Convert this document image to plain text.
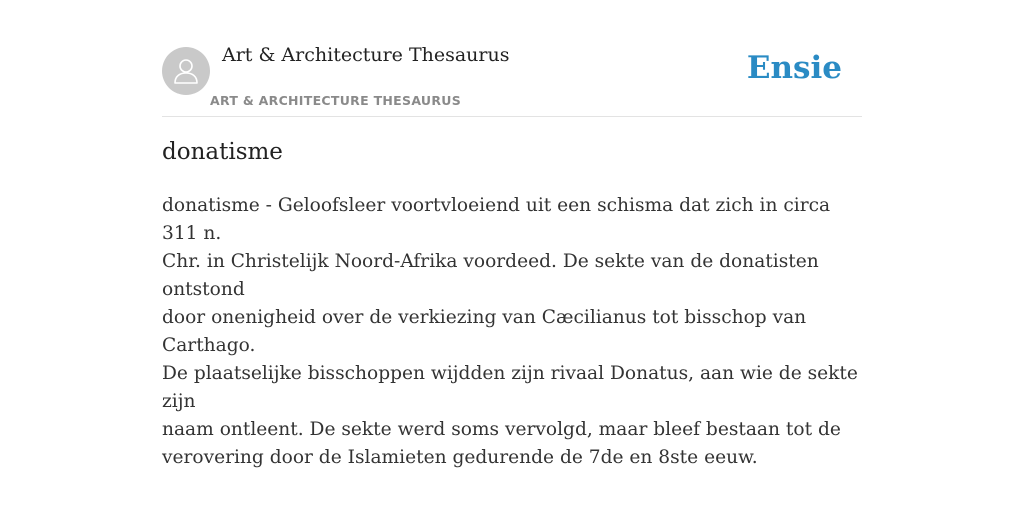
Art & Architecture Thesaurus
ART & ARCHITECTURE THESAURUS
Ensie
donatisme

donatisme - Geloofsleer voortvloeiend uit een schisma dat zich in circa 311 n.
Chr. in Christelijk Noord-Afrika voordeed. De sekte van de donatisten ontstond
door onenigheid over de verkiezing van Cæcilianus tot bisschop van Carthago.
De plaatselijke bisschoppen wijdden zijn rivaal Donatus, aan wie de sekte zijn
naam ontleent. De sekte werd soms vervolgd, maar bleef bestaan tot de
verovering door de Islamieten gedurende de 7de en 8ste eeuw.
